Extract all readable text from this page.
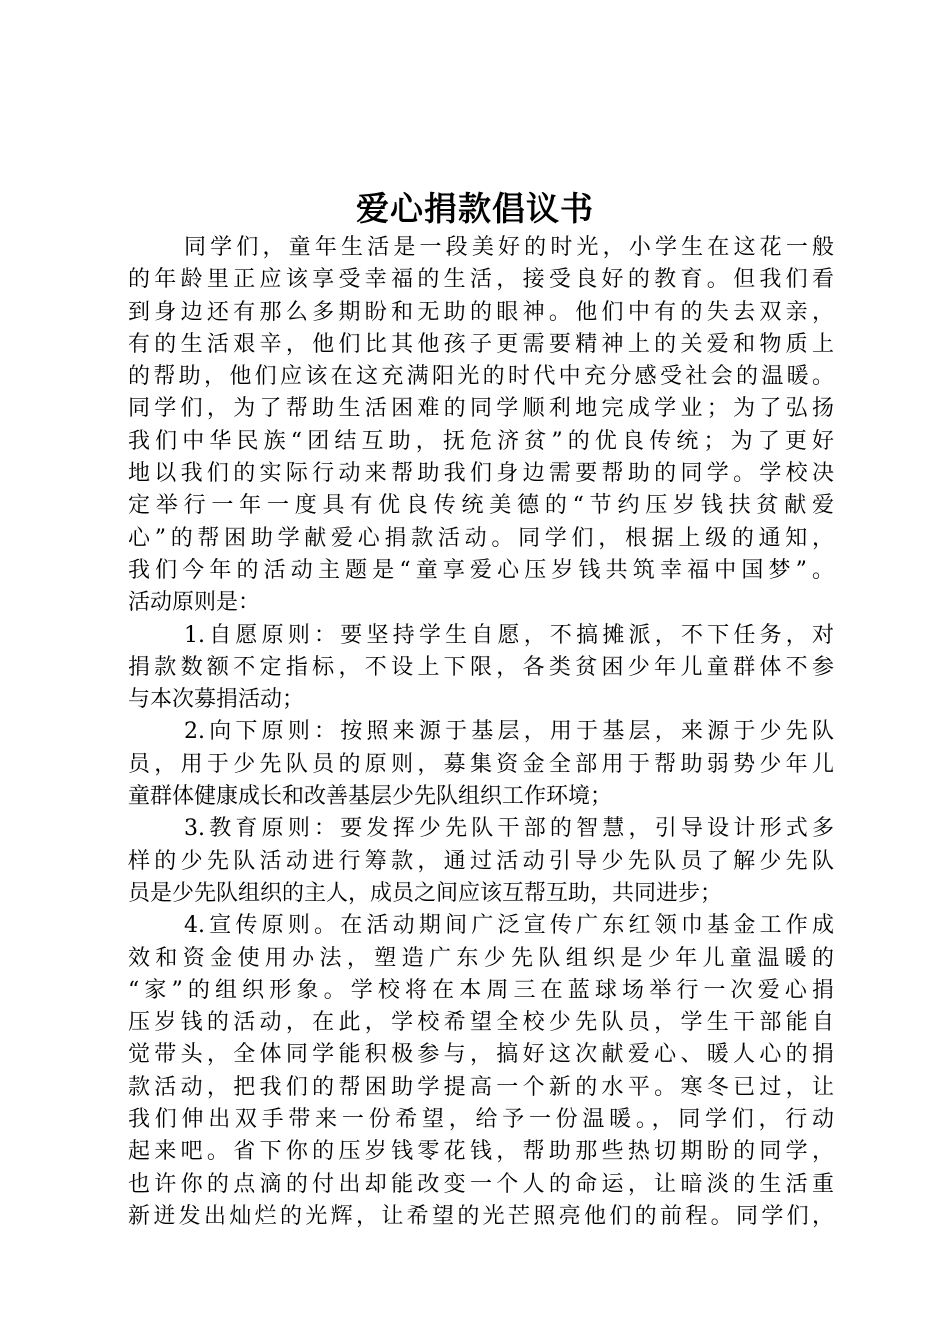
爱心捐款倡议书
同学们，童年生活是一段美好的时光，小学生在这花一般
的年龄里正应该享受幸福的生活，接受良好的教育。但我们看
到身边还有那么多期盼和无助的眼神。他们中有的失去双亲，
有的生活艰辛，他们比其他孩子更需要精神上的关爱和物质上
的帮助，他们应该在这充满阳光的时代中充分感受社会的温暖。
同学们，为了帮助生活困难的同学顺利地完成学业；为了弘扬
我们中华民族“团结互助，抚危济贫”的优良传统；为了更好
地以我们的实际行动来帮助我们身边需要帮助的同学。学校决
定举行一年一度具有优良传统美德的“节约压岁钱扶贫献爱
心”的帮困助学献爱心捐款活动。同学们，根据上级的通知，
我们今年的活动主题是“童享爱心压岁钱共筑幸福中国梦”。
活动原则是：
1.自愿原则：要坚持学生自愿，不搞摊派，不下任务，对
捐款数额不定指标，不设上下限，各类贫困少年儿童群体不参
与本次募捐活动；
2.向下原则：按照来源于基层，用于基层，来源于少先队
员，用于少先队员的原则，募集资金全部用于帮助弱势少年儿
童群体健康成长和改善基层少先队组织工作环境；
3.教育原则：要发挥少先队干部的智慧，引导设计形式多
样的少先队活动进行筹款，通过活动引导少先队员了解少先队
员是少先队组织的主人，成员之间应该互帮互助，共同进步；
4.宣传原则。在活动期间广泛宣传广东红领巾基金工作成
效和资金使用办法，塑造广东少先队组织是少年儿童温暖的
“家”的组织形象。学校将在本周三在蓝球场举行一次爱心捐
压岁钱的活动，在此，学校希望全校少先队员，学生干部能自
觉带头，全体同学能积极参与，搞好这次献爱心、暖人心的捐
款活动，把我们的帮困助学提高一个新的水平。寒冬已过，让
我们伸出双手带来一份希望，给予一份温暖。，同学们，行动
起来吧。省下你的压岁钱零花钱，帮助那些热切期盼的同学，
也许你的点滴的付出却能改变一个人的命运，让暗淡的生活重
新迸发出灿烂的光辉，让希望的光芒照亮他们的前程。同学们，
